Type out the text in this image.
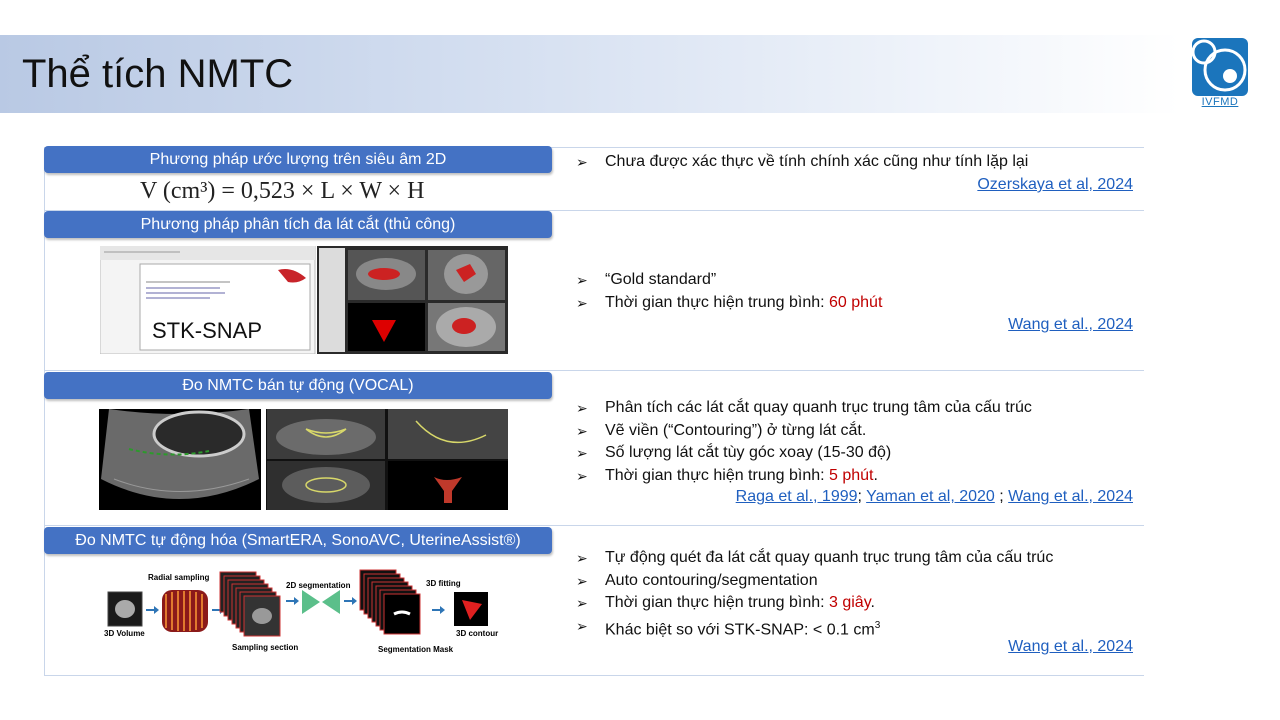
Thể tích NMTC
IVFMD
Phương pháp ước lượng trên siêu âm 2D
V (cm³) = 0,523 × L × W × H
➢ Chưa được xác thực về tính chính xác cũng như tính lặp lại
Ozerskaya et al, 2024
Phương pháp phân tích đa lát cắt (thủ công)
STK-SNAP
➢ “Gold standard”
➢ Thời gian thực hiện trung bình: 60 phút
Wang et al., 2024
Đo NMTC bán tự động (VOCAL)
➢ Phân tích các lát cắt quay quanh trục trung tâm của cấu trúc
➢ Vẽ viền (“Contouring”) ở từng lát cắt.
➢ Số lượng lát cắt tùy góc xoay (15-30 độ)
➢ Thời gian thực hiện trung bình: 5 phút.
Raga et al., 1999; Yaman et al, 2020 ; Wang et al., 2024
Đo NMTC tự động hóa (SmartERA, SonoAVC, UterineAssist®)
3D Volume
Radial sampling
Sampling section
2D segmentation
Segmentation Mask
3D fitting
3D contour
➢ Tự động quét đa lát cắt quay quanh trục trung tâm của cấu trúc
➢ Auto contouring/segmentation
➢ Thời gian thực hiện trung bình: 3 giây.
➢ Khác biệt so với STK-SNAP: < 0.1 $cm^3$
Wang et al., 2024
